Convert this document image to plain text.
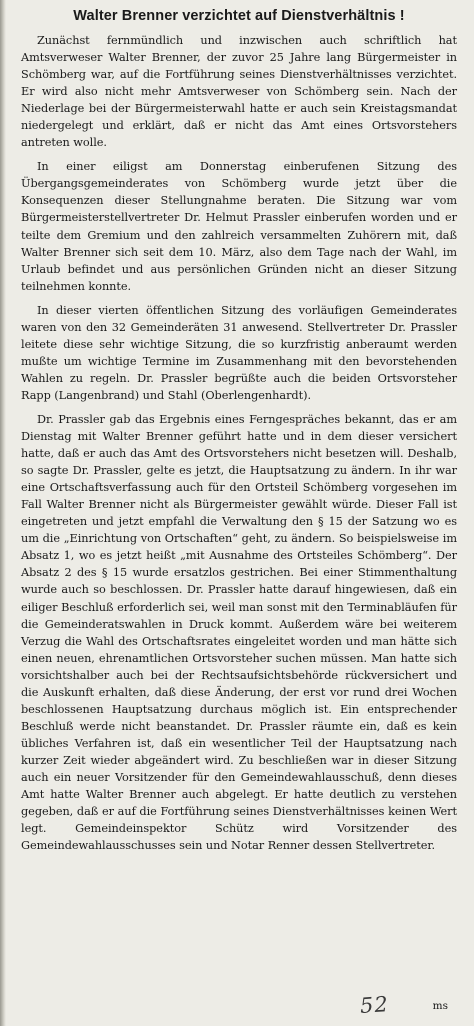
Walter Brenner verzichtet auf Dienstverhältnis !

Zunächst fernmündlich und inzwischen auch schriftlich hat Amtsverweser Walter Brenner, der zuvor 25 Jahre lang Bürgermeister in Schömberg war, auf die Fortführung seines Dienstverhältnisses verzichtet. Er wird also nicht mehr Amtsverweser von Schömberg sein. Nach der Niederlage bei der Bürgermeisterwahl hatte er auch sein Kreistagsmandat niedergelegt und erklärt, daß er nicht das Amt eines Ortsvorstehers antreten wolle.

In einer eiligst am Donnerstag einberufenen Sitzung des Übergangsgemeinderates von Schömberg wurde jetzt über die Konsequenzen dieser Stellungnahme beraten. Die Sitzung war vom Bürgermeisterstellvertreter Dr. Helmut Prassler einberufen worden und er teilte dem Gremium und den zahlreich versammelten Zuhörern mit, daß Walter Brenner sich seit dem 10. März, also dem Tage nach der Wahl, im Urlaub befindet und aus persönlichen Gründen nicht an dieser Sitzung teilnehmen konnte.

In dieser vierten öffentlichen Sitzung des vorläufigen Gemeinderates waren von den 32 Gemeinderäten 31 anwesend. Stellvertreter Dr. Prassler leitete diese sehr wichtige Sitzung, die so kurzfristig anberaumt werden mußte um wichtige Termine im Zusammenhang mit den bevorstehenden Wahlen zu regeln. Dr. Prassler begrüßte auch die beiden Ortsvorsteher Rapp (Langenbrand) und Stahl (Oberlengenhardt).

Dr. Prassler gab das Ergebnis eines Ferngespräches bekannt, das er am Dienstag mit Walter Brenner geführt hatte und in dem dieser versichert hatte, daß er auch das Amt des Ortsvorstehers nicht besetzen will. Deshalb, so sagte Dr. Prassler, gelte es jetzt, die Hauptsatzung zu ändern. In ihr war eine Ortschaftsverfassung auch für den Ortsteil Schömberg vorgesehen im Fall Walter Brenner nicht als Bürgermeister gewählt würde. Dieser Fall ist eingetreten und jetzt empfahl die Verwaltung den § 15 der Satzung wo es um die „Einrichtung von Ortschaften“ geht, zu ändern. So beispielsweise im Absatz 1, wo es jetzt heißt „mit Ausnahme des Ortsteiles Schömberg“. Der Absatz 2 des § 15 wurde ersatzlos gestrichen. Bei einer Stimmenthaltung wurde auch so beschlossen. Dr. Prassler hatte darauf hingewiesen, daß ein eiliger Beschluß erforderlich sei, weil man sonst mit den Terminabläufen für die Gemeinderatswahlen in Druck kommt. Außerdem wäre bei weiterem Verzug die Wahl des Ortschaftsrates eingeleitet worden und man hätte sich einen neuen, ehrenamtlichen Ortsvorsteher suchen müssen. Man hatte sich vorsichtshalber auch bei der Rechtsaufsichtsbehörde rückversichert und die Auskunft erhalten, daß diese Änderung, der erst vor rund drei Wochen beschlossenen Hauptsatzung durchaus möglich ist. Ein entsprechender Beschluß werde nicht beanstandet. Dr. Prassler räumte ein, daß es kein übliches Verfahren ist, daß ein wesentlicher Teil der Hauptsatzung nach kurzer Zeit wieder abgeändert wird. Zu beschließen war in dieser Sitzung auch ein neuer Vorsitzender für den Gemeindewahlausschuß, denn dieses Amt hatte Walter Brenner auch abgelegt. Er hatte deutlich zu verstehen gegeben, daß er auf die Fortführung seines Dienstverhältnisses keinen Wert legt. Gemeindeinspektor Schütz wird Vorsitzender des Gemeindewahlausschusses sein und Notar Renner dessen Stellvertreter.

52	ms
